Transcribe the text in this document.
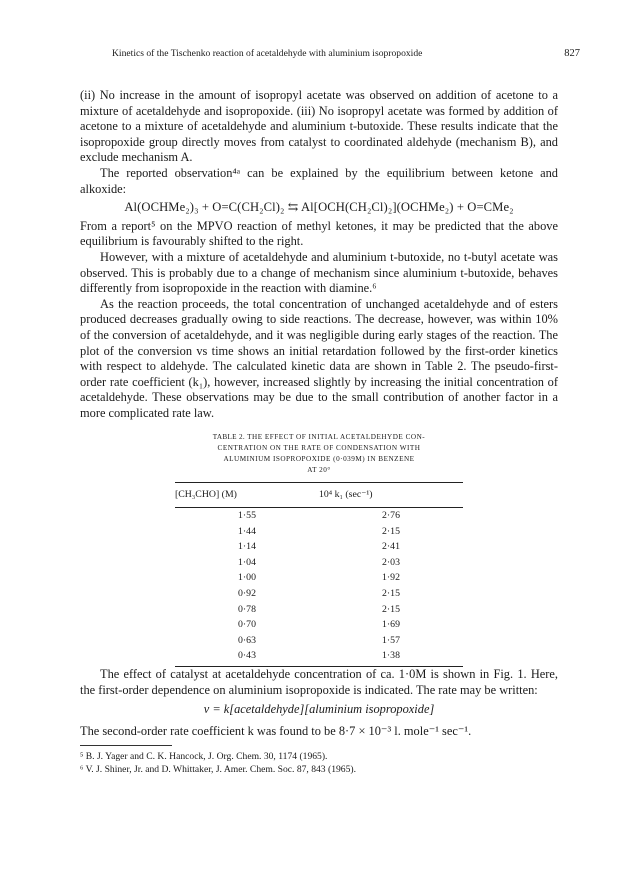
Kinetics of the Tischenko reaction of acetaldehyde with aluminium isopropoxide	827

(ii) No increase in the amount of isopropyl acetate was observed on addition of acetone to a mixture of acetaldehyde and isopropoxide. (iii) No isopropyl acetate was formed by addition of acetone to a mixture of acetaldehyde and aluminium t-butoxide. These results indicate that the isopropoxide group directly moves from catalyst to coordinated aldehyde (mechanism B), and exclude mechanism A.

The reported observation⁴ᵃ can be explained by the equilibrium between ketone and alkoxide:

Al(OCHMe₂)₃ + O=C(CH₂Cl)₂ ⇆ Al[OCH(CH₂Cl)₂](OCHMe₂) + O=CMe₂

From a report⁵ on the MPVO reaction of methyl ketones, it may be predicted that the above equilibrium is favourably shifted to the right.

However, with a mixture of acetaldehyde and aluminium t-butoxide, no t-butyl acetate was observed. This is probably due to a change of mechanism since aluminium t-butoxide, behaves differently from isopropoxide in the reaction with diamine.⁶

As the reaction proceeds, the total concentration of unchanged acetaldehyde and of esters produced decreases gradually owing to side reactions. The decrease, however, was within 10% of the conversion of acetaldehyde, and it was negligible during early stages of the reaction. The plot of the conversion vs time shows an initial retardation followed by the first-order kinetics with respect to aldehyde. The calculated kinetic data are shown in Table 2. The pseudo-first-order rate coefficient (k₁), however, increased slightly by increasing the initial concentration of acetaldehyde. These observations may be due to the small contribution of another factor in a more complicated rate law.

TABLE 2. THE EFFECT OF INITIAL ACETALDEHYDE CON-
CENTRATION ON THE RATE OF CONDENSATION WITH
ALUMINIUM ISOPROPOXIDE (0·039M) IN BENZENE
AT 20°
[CH₃CHO] (M)	10⁴ k₁ (sec⁻¹)
1·55	2·76
1·44	2·15
1·14	2·41
1·04	2·03
1·00	1·92
0·92	2·15
0·78	2·15
0·70	1·69
0·63	1·57
0·43	1·38

The effect of catalyst at acetaldehyde concentration of ca. 1·0M is shown in Fig. 1. Here, the first-order dependence on aluminium isopropoxide is indicated. The rate may be written:

v = k[acetaldehyde][aluminium isopropoxide]

The second-order rate coefficient k was found to be 8·7 × 10⁻³ l. mole⁻¹ sec⁻¹.

⁵ B. J. Yager and C. K. Hancock, J. Org. Chem. 30, 1174 (1965).

⁶ V. J. Shiner, Jr. and D. Whittaker, J. Amer. Chem. Soc. 87, 843 (1965).
